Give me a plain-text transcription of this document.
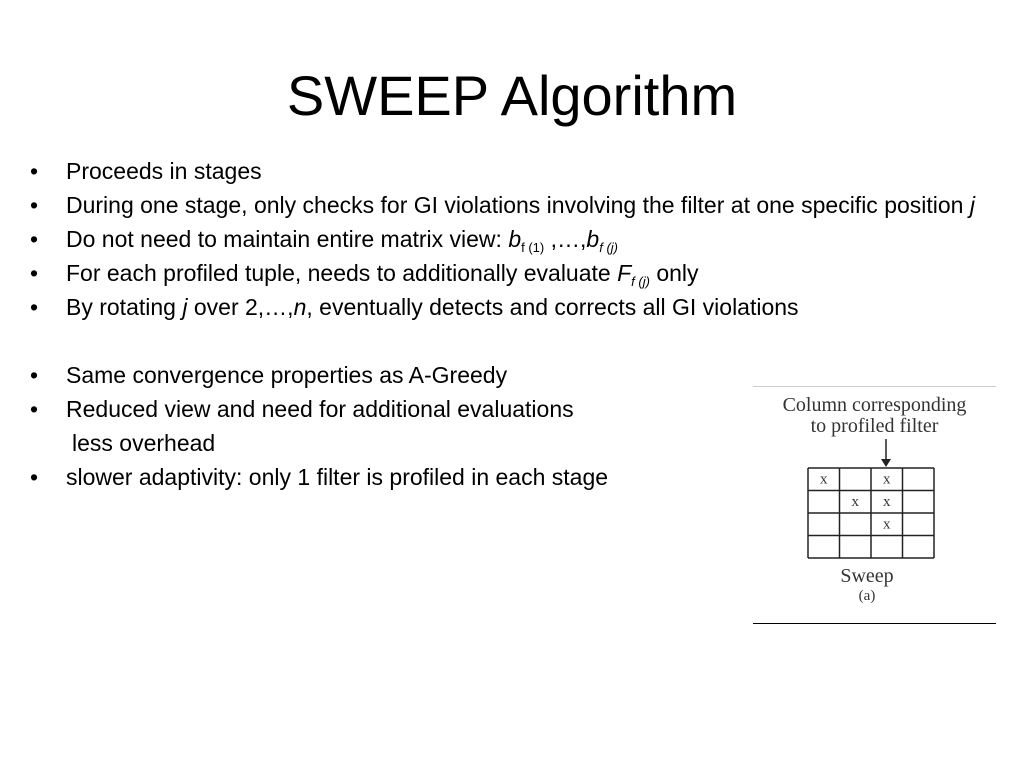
SWEEP Algorithm
• Proceeds in stages
• During one stage, only checks for GI violations involving the filter at one specific position j
• Do not need to maintain entire matrix view: $b_{f (1)}$ $,\dots,b_{f (j)}$
• For each profiled tuple, needs to additionally evaluate $F_{f (j)}$ only
• By rotating j over 2,…,n, eventually detects and corrects all GI violations
• Same convergence properties as A-Greedy
• Reduced view and need for additional evaluations
less overhead
• slower adaptivity: only 1 filter is profiled in each stage
Column corresponding
to profiled filter
x	x
x x
x
Sweep
(a)
